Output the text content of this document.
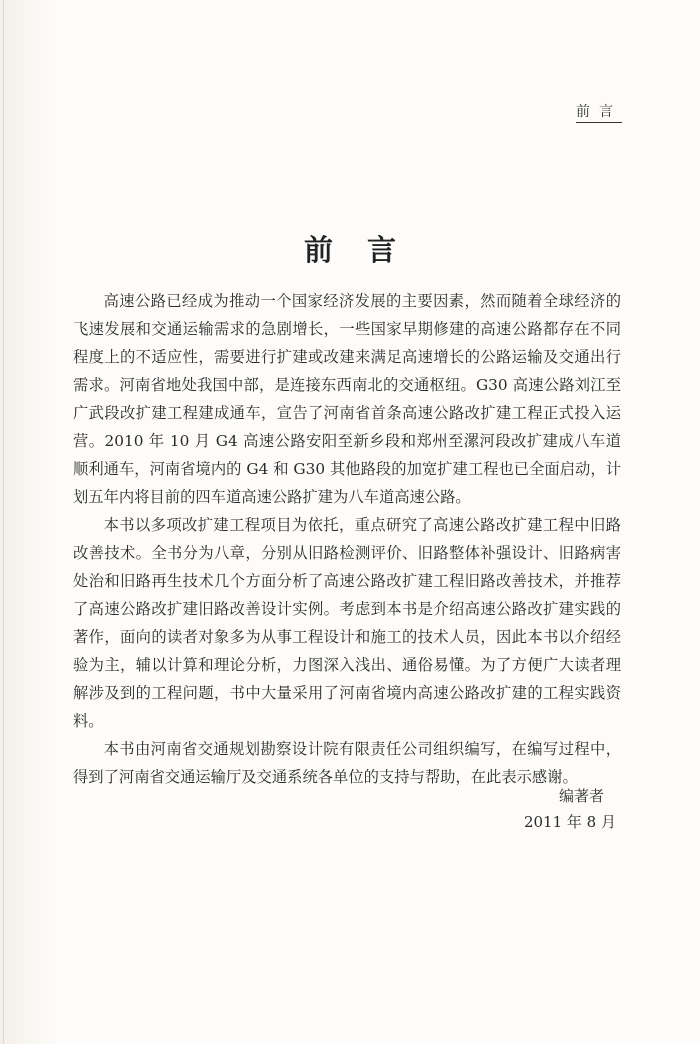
前言
前言

高速公路已经成为推动一个国家经济发展的主要因素，然而随着全球经济的飞速发展和交通运输需求的急剧增长，一些国家早期修建的高速公路都存在不同程度上的不适应性，需要进行扩建或改建来满足高速增长的公路运输及交通出行需求。河南省地处我国中部，是连接东西南北的交通枢纽。G30 高速公路刘江至广武段改扩建工程建成通车，宣告了河南省首条高速公路改扩建工程正式投入运营。2010 年 10 月 G4 高速公路安阳至新乡段和郑州至漯河段改扩建成八车道顺利通车，河南省境内的 G4 和 G30 其他路段的加宽扩建工程也已全面启动，计划五年内将目前的四车道高速公路扩建为八车道高速公路。

本书以多项改扩建工程项目为依托，重点研究了高速公路改扩建工程中旧路改善技术。全书分为八章，分别从旧路检测评价、旧路整体补强设计、旧路病害处治和旧路再生技术几个方面分析了高速公路改扩建工程旧路改善技术，并推荐了高速公路改扩建旧路改善设计实例。考虑到本书是介绍高速公路改扩建实践的著作，面向的读者对象多为从事工程设计和施工的技术人员，因此本书以介绍经验为主，辅以计算和理论分析，力图深入浅出、通俗易懂。为了方便广大读者理解涉及到的工程问题，书中大量采用了河南省境内高速公路改扩建的工程实践资料。

本书由河南省交通规划勘察设计院有限责任公司组织编写，在编写过程中，得到了河南省交通运输厅及交通系统各单位的支持与帮助，在此表示感谢。

编著者
2011 年 8 月
